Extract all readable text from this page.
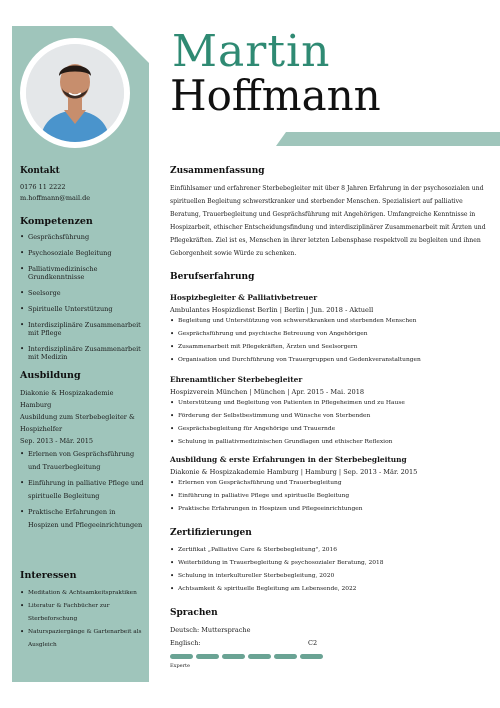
Kontakt

0176 11 2222

m.hoffmann@mail.de

Kompetenzen

• Gesprächsführung
• Psychosoziale Begleitung
• Palliativmedizinische Grundkenntnisse
• Seelsorge
• Spirituelle Unterstützung
• Interdisziplinäre Zusammenarbeit mit Pflege
• Interdisziplinäre Zusammenarbeit mit Medizin

Ausbildung

Diakonie & Hospizakademie Hamburg

Ausbildung zum Sterbebegleiter & Hospizhelfer

Sep. 2013 - Mär. 2015

• Erlernen von Gesprächsführung und Trauerbegleitung
• Einführung in palliative Pflege und spirituelle Begleitung
• Praktische Erfahrungen in Hospizen und Pflegeeinrichtungen

Interessen

• Meditation & Achtsamkeitspraktiken
• Literatur & Fachbücher zur Sterbeforschung
• Naturspaziergänge & Gartenarbeit als Ausgleich
Martin
Hoffmann

Zusammenfassung

Einfühlsamer und erfahrener Sterbebegleiter mit über 8 Jahren Erfahrung in der psychosozialen und spirituellen Begleitung schwerstkranker und sterbender Menschen. Spezialisiert auf palliative Beratung, Trauerbegleitung und Gesprächsführung mit Angehörigen. Umfangreiche Kenntnisse in Hospizarbeit, ethischer Entscheidungsfindung und interdisziplinärer Zusammenarbeit mit Ärzten und Pflegekräften. Ziel ist es, Menschen in ihrer letzten Lebensphase respektvoll zu begleiten und ihnen Geborgenheit sowie Würde zu schenken.

Berufserfahrung

Hospizbegleiter & Palliativbetreuer

Ambulantes Hospizdienst Berlin | Berlin | Jun. 2018 - Aktuell

• Begleitung und Unterstützung von schwerstkranken und sterbenden Menschen
• Gesprächsführung und psychische Betreuung von Angehörigen
• Zusammenarbeit mit Pflegekräften, Ärzten und Seelsorgern
• Organisation und Durchführung von Trauergruppen und Gedenkveranstaltungen

Ehrenamtlicher Sterbebegleiter

Hospizverein München | München | Apr. 2015 - Mai. 2018

• Unterstützung und Begleitung von Patienten in Pflegeheimen und zu Hause
• Förderung der Selbstbestimmung und Wünsche von Sterbenden
• Gesprächsbegleitung für Angehörige und Trauernde
• Schulung in palliativmedizinischen Grundlagen und ethischer Reflexion

Ausbildung & erste Erfahrungen in der Sterbebegleitung

Diakonie & Hospizakademie Hamburg | Hamburg | Sep. 2013 - Mär. 2015

• Erlernen von Gesprächsführung und Trauerbegleitung
• Einführung in palliative Pflege und spirituelle Begleitung
• Praktische Erfahrungen in Hospizen und Pflegeeinrichtungen

Zertifizierungen

• Zertifikat „Palliative Care & Sterbebegleitung", 2016
• Weiterbildung in Trauerbegleitung & psychosozialer Beratung, 2018
• Schulung in interkultureller Sterbebegleitung, 2020
• Achtsamkeit & spirituelle Begleitung am Lebensende, 2022

Sprachen

Deutsch: Muttersprache
Englisch:	C2
Experte
